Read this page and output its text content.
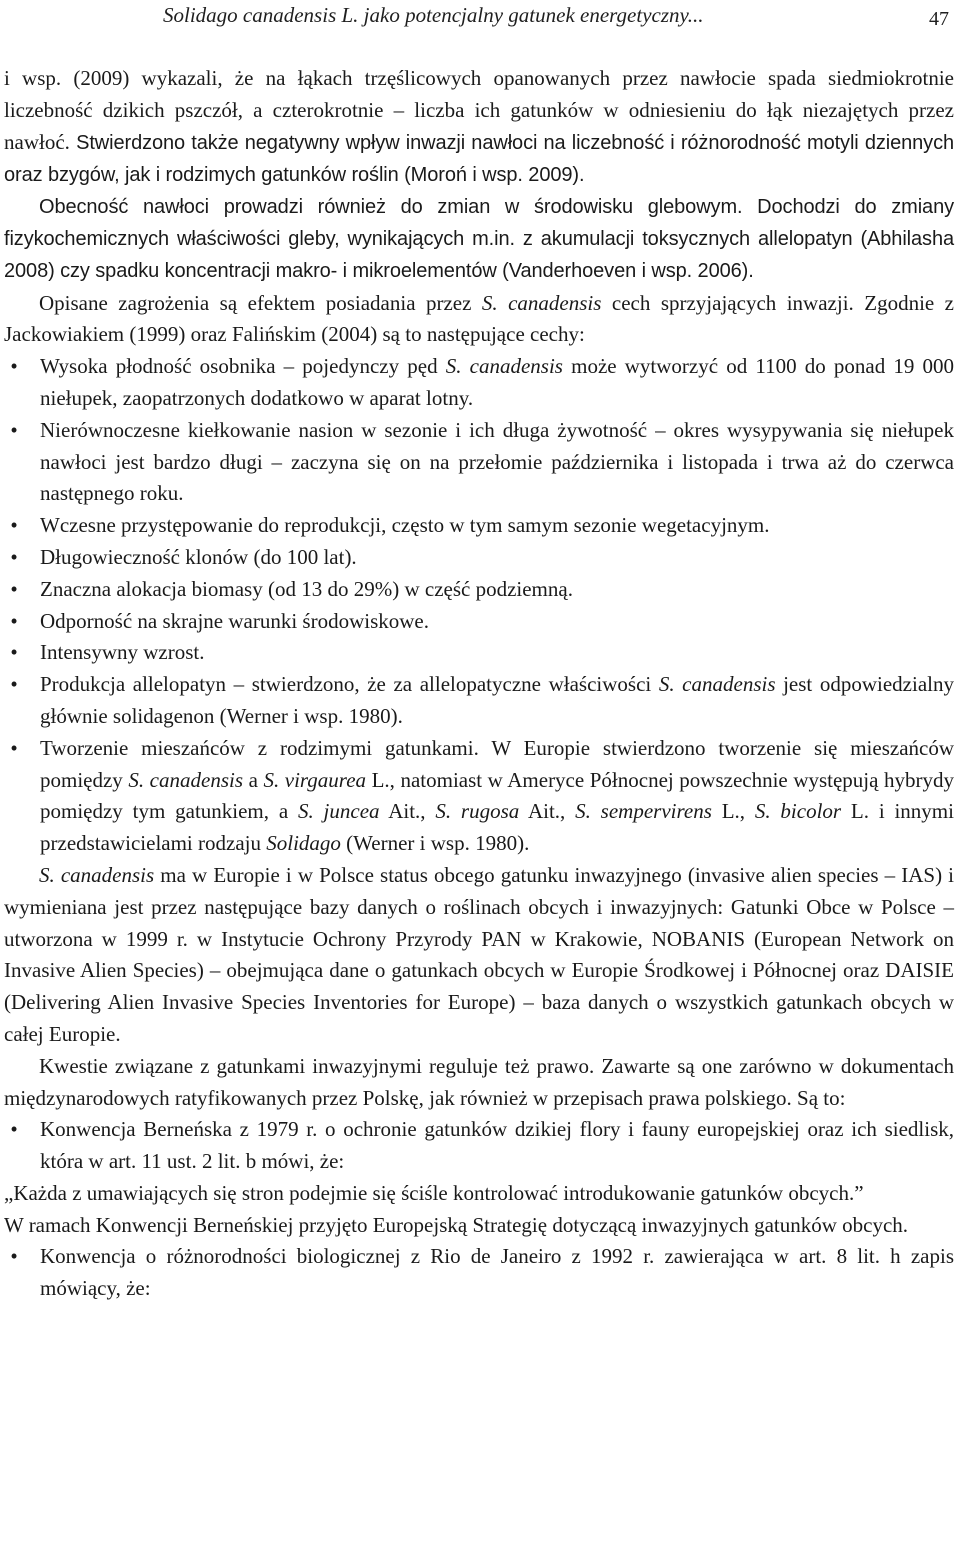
Solidago canadensis L. jako potencjalny gatunek energetyczny...	47

i wsp. (2009) wykazali, że na łąkach trzęślicowych opanowanych przez nawłocie spada siedmiokrotnie liczebność dzikich pszczół, a czterokrotnie – liczba ich gatunków w odniesieniu do łąk niezajętych przez nawłoć. Stwierdzono także negatywny wpływ inwazji nawłoci na liczebność i różnorodność motyli dziennych oraz bzygów, jak i rodzimych gatunków roślin (Moroń i wsp. 2009).

Obecność nawłoci prowadzi również do zmian w środowisku glebowym. Dochodzi do zmiany fizykochemicznych właściwości gleby, wynikających m.in. z akumulacji toksycznych allelopatyn (Abhilasha 2008) czy spadku koncentracji makro- i mikroelementów (Vanderhoeven i wsp. 2006).

Opisane zagrożenia są efektem posiadania przez S. canadensis cech sprzyjających inwazji. Zgodnie z Jackowiakiem (1999) oraz Falińskim (2004) są to następujące cechy:

• Wysoka płodność osobnika – pojedynczy pęd S. canadensis może wytworzyć od 1100 do ponad 19 000 niełupek, zaopatrzonych dodatkowo w aparat lotny.
• Nierównoczesne kiełkowanie nasion w sezonie i ich długa żywotność – okres wysypywania się niełupek nawłoci jest bardzo długi – zaczyna się on na przełomie października i listopada i trwa aż do czerwca następnego roku.
• Wczesne przystępowanie do reprodukcji, często w tym samym sezonie wegetacyjnym.
• Długowieczność klonów (do 100 lat).
• Znaczna alokacja biomasy (od 13 do 29%) w część podziemną.
• Odporność na skrajne warunki środowiskowe.
• Intensywny wzrost.
• Produkcja allelopatyn – stwierdzono, że za allelopatyczne właściwości S. canadensis jest odpowiedzialny głównie solidagenon (Werner i wsp. 1980).
• Tworzenie mieszańców z rodzimymi gatunkami. W Europie stwierdzono tworzenie się mieszańców pomiędzy S. canadensis a S. virgaurea L., natomiast w Ameryce Północnej powszechnie występują hybrydy pomiędzy tym gatunkiem, a S. juncea Ait., S. rugosa Ait., S. sempervirens L., S. bicolor L. i innymi przedstawicielami rodzaju Solidago (Werner i wsp. 1980).

S. canadensis ma w Europie i w Polsce status obcego gatunku inwazyjnego (invasive alien species – IAS) i wymieniana jest przez następujące bazy danych o roślinach obcych i inwazyjnych: Gatunki Obce w Polsce – utworzona w 1999 r. w Instytucie Ochrony Przyrody PAN w Krakowie, NOBANIS (European Network on Invasive Alien Species) – obejmująca dane o gatunkach obcych w Europie Środkowej i Północnej oraz DAISIE (Delivering Alien Invasive Species Inventories for Europe) – baza danych o wszystkich gatunkach obcych w całej Europie.

Kwestie związane z gatunkami inwazyjnymi reguluje też prawo. Zawarte są one zarówno w dokumentach międzynarodowych ratyfikowanych przez Polskę, jak również w przepisach prawa polskiego. Są to:

• Konwencja Berneńska z 1979 r. o ochronie gatunków dzikiej flory i fauny europejskiej oraz ich siedlisk, która w art. 11 ust. 2 lit. b mówi, że:

„Każda z umawiających się stron podejmie się ściśle kontrolować introdukowanie gatunków obcych.”

W ramach Konwencji Berneńskiej przyjęto Europejską Strategię dotyczącą inwazyjnych gatunków obcych.

• Konwencja o różnorodności biologicznej z Rio de Janeiro z 1992 r. zawierająca w art. 8 lit. h zapis mówiący, że:
